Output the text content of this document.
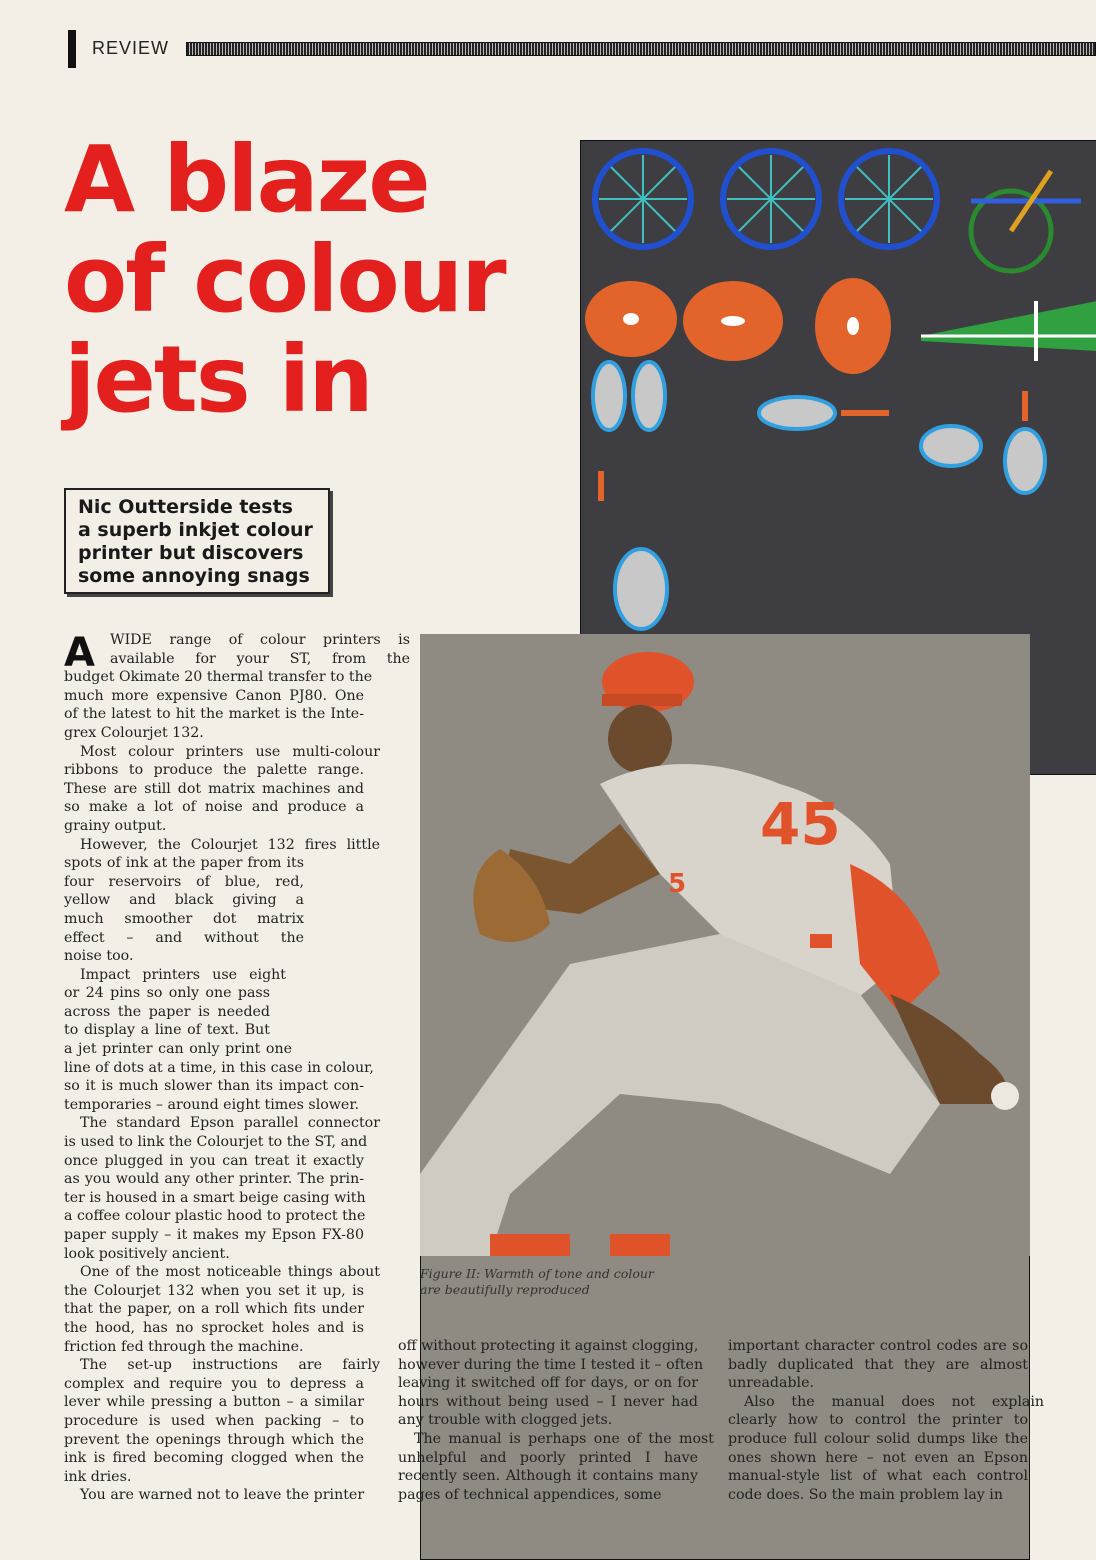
REVIEW
A blaze
of colour
jets in
Nic Outterside tests
a superb inkjet colour
printer but discovers
some annoying snags
45
5
Figure II: Warmth of tone and colour
are beautifully reproduced
A	WIDE range of colour printers is
available for your ST, from the
budget Okimate 20 thermal transfer to the
much more expensive Canon PJ80. One
of the latest to hit the market is the Inte-
grex Colourjet 132.
Most colour printers use multi-colour
ribbons to produce the palette range.
These are still dot matrix machines and
so make a lot of noise and produce a
grainy output.
However, the Colourjet 132 fires little
spots of ink at the paper from its
four reservoirs of blue, red,
yellow and black giving a
much smoother dot matrix
effect – and without the
noise too.
Impact printers use eight
or 24 pins so only one pass
across the paper is needed
to display a line of text. But
a jet printer can only print one
line of dots at a time, in this case in colour,
so it is much slower than its impact con-
temporaries – around eight times slower.
The standard Epson parallel connector
is used to link the Colourjet to the ST, and
once plugged in you can treat it exactly
as you would any other printer. The prin-
ter is housed in a smart beige casing with
a coffee colour plastic hood to protect the
paper supply – it makes my Epson FX-80
look positively ancient.
One of the most noticeable things about
the Colourjet 132 when you set it up, is
that the paper, on a roll which fits under
the hood, has no sprocket holes and is
friction fed through the machine.
The set-up instructions are fairly
complex and require you to depress a
lever while pressing a button – a similar
procedure is used when packing – to
prevent the openings through which the
ink is fired becoming clogged when the
ink dries.
You are warned not to leave the printer
off without protecting it against clogging,
however during the time I tested it – often
leaving it switched off for days, or on for
hours without being used – I never had
any trouble with clogged jets.
The manual is perhaps one of the most
unhelpful and poorly printed I have
recently seen. Although it contains many
pages of technical appendices, some
important character control codes are so
badly duplicated that they are almost
unreadable.
Also the manual does not explain
clearly how to control the printer to
produce full colour solid dumps like the
ones shown here – not even an Epson
manual-style list of what each control
code does. So the main problem lay in
